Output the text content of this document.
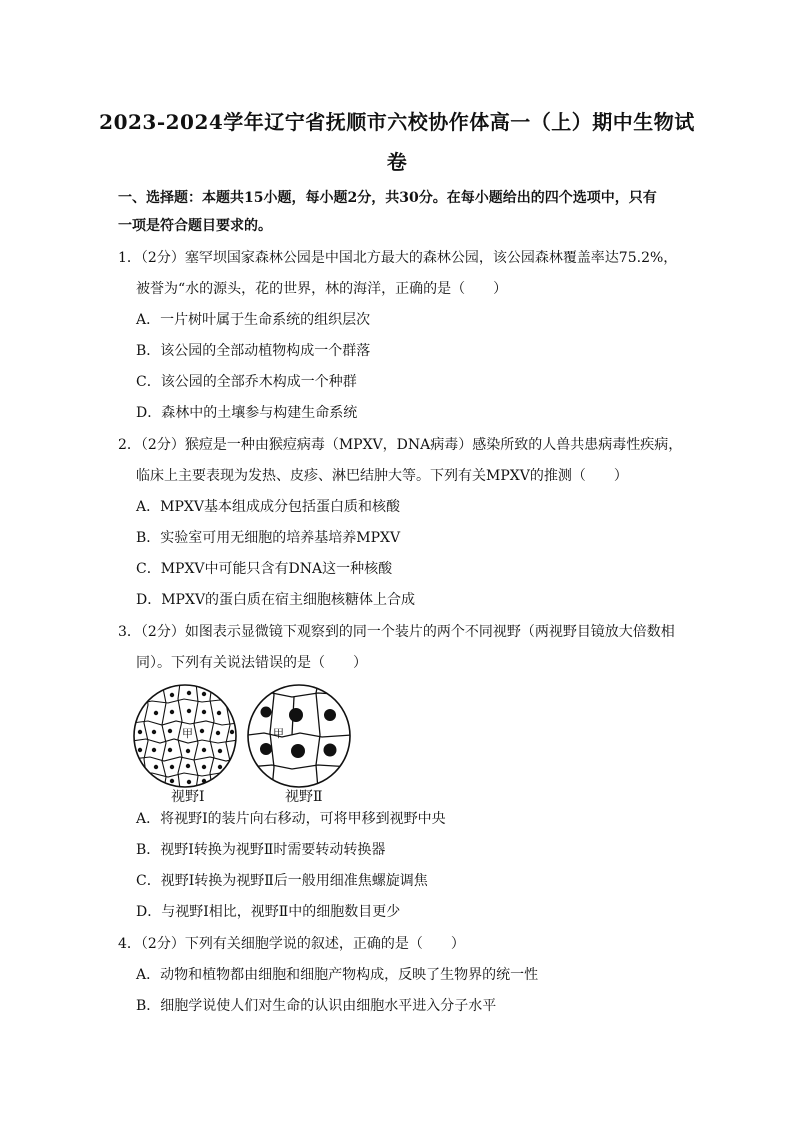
2023-2024学年辽宁省抚顺市六校协作体高一（上）期中生物试
卷
一、选择题：本题共15小题，每小题2分，共30分。在每小题给出的四个选项中，只有
一项是符合题目要求的。
1．（2分）塞罕坝国家森林公园是中国北方最大的森林公园，该公园森林覆盖率达75.2%，
被誉为“水的源头，花的世界，林的海洋，正确的是（　　）
A．一片树叶属于生命系统的组织层次
B．该公园的全部动植物构成一个群落
C．该公园的全部乔木构成一个种群
D．森林中的土壤参与构建生命系统
2．（2分）猴痘是一种由猴痘病毒（MPXV，DNA病毒）感染所致的人兽共患病毒性疾病，
临床上主要表现为发热、皮疹、淋巴结肿大等。下列有关MPXV的推测（　　）
A．MPXV基本组成成分包括蛋白质和核酸
B．实验室可用无细胞的培养基培养MPXV
C．MPXV中可能只含有DNA这一种核酸
D．MPXV的蛋白质在宿主细胞核糖体上合成
3．（2分）如图表示显微镜下观察到的同一个装片的两个不同视野（两视野目镜放大倍数相
同）。下列有关说法错误的是（　　）
甲	甲
视野Ⅰ	视野Ⅱ
A．将视野Ⅰ的装片向右移动，可将甲移到视野中央
B．视野Ⅰ转换为视野Ⅱ时需要转动转换器
C．视野Ⅰ转换为视野Ⅱ后一般用细准焦螺旋调焦
D．与视野Ⅰ相比，视野Ⅱ中的细胞数目更少
4．（2分）下列有关细胞学说的叙述，正确的是（　　）
A．动物和植物都由细胞和细胞产物构成，反映了生物界的统一性
B．细胞学说使人们对生命的认识由细胞水平进入分子水平
